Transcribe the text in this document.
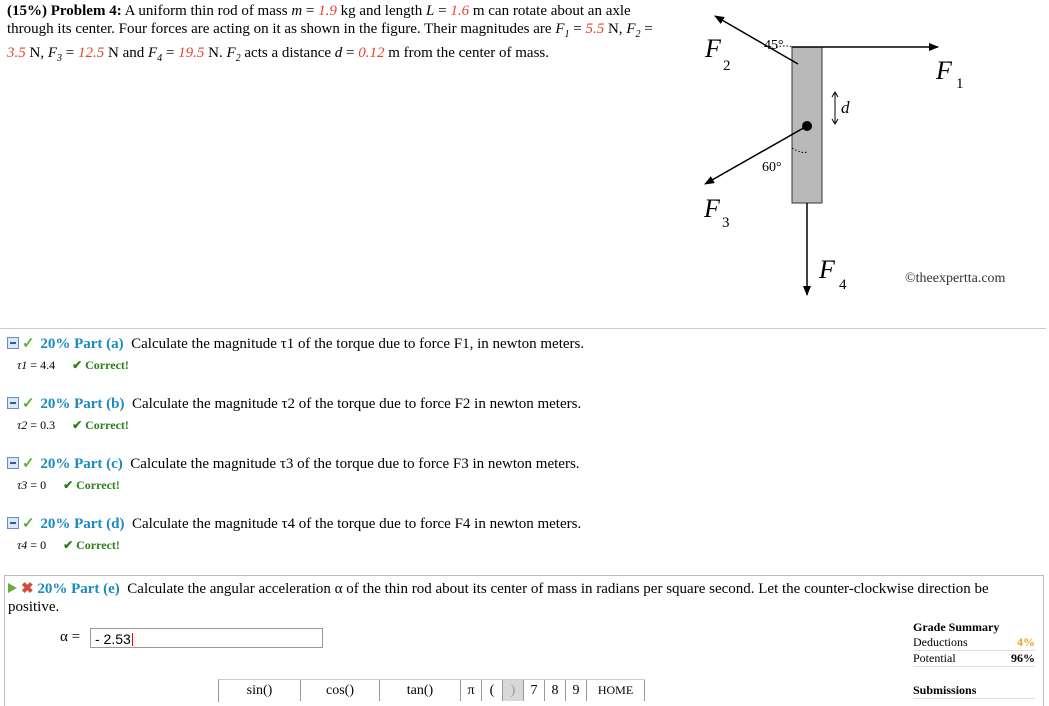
(15%) Problem 4: A uniform thin rod of mass m = 1.9 kg and length L = 1.6 m can rotate about an axle through its center. Four forces are acting on it as shown in the figure. Their magnitudes are $F_1 = 5.5$ N, $F_2 = 3.5$ N, $F_3 = 12.5$ N and $F_4 = 19.5$ N. $F_2$ acts a distance d = 0.12 m from the center of mass.
d
45°
60°
F
2	F 1
F 3
F
4	©theexpertta.com
✓ 20% Part (a) Calculate the magnitude τ1 of the torque due to force F1, in newton meters.
τ1 = 4.4	✔ Correct!
✓ 20% Part (b) Calculate the magnitude τ2 of the torque due to force F2 in newton meters.
τ2 = 0.3	✔ Correct!
✓ 20% Part (c) Calculate the magnitude τ3 of the torque due to force F3 in newton meters.
τ3 = 0	✔ Correct!
✓ 20% Part (d) Calculate the magnitude τ4 of the torque due to force F4 in newton meters.
τ4 = 0	✔ Correct!
✖ 20% Part (e) Calculate the angular acceleration α of the thin rod about its center of mass in radians per square second. Let the counter-clockwise direction be positive.
α =	- 2.53
Grade Summary
Deductions	4%
Potential	96%
Submissions
sin()	cos()	tan()	π	(	)	7	8	9	HOME
